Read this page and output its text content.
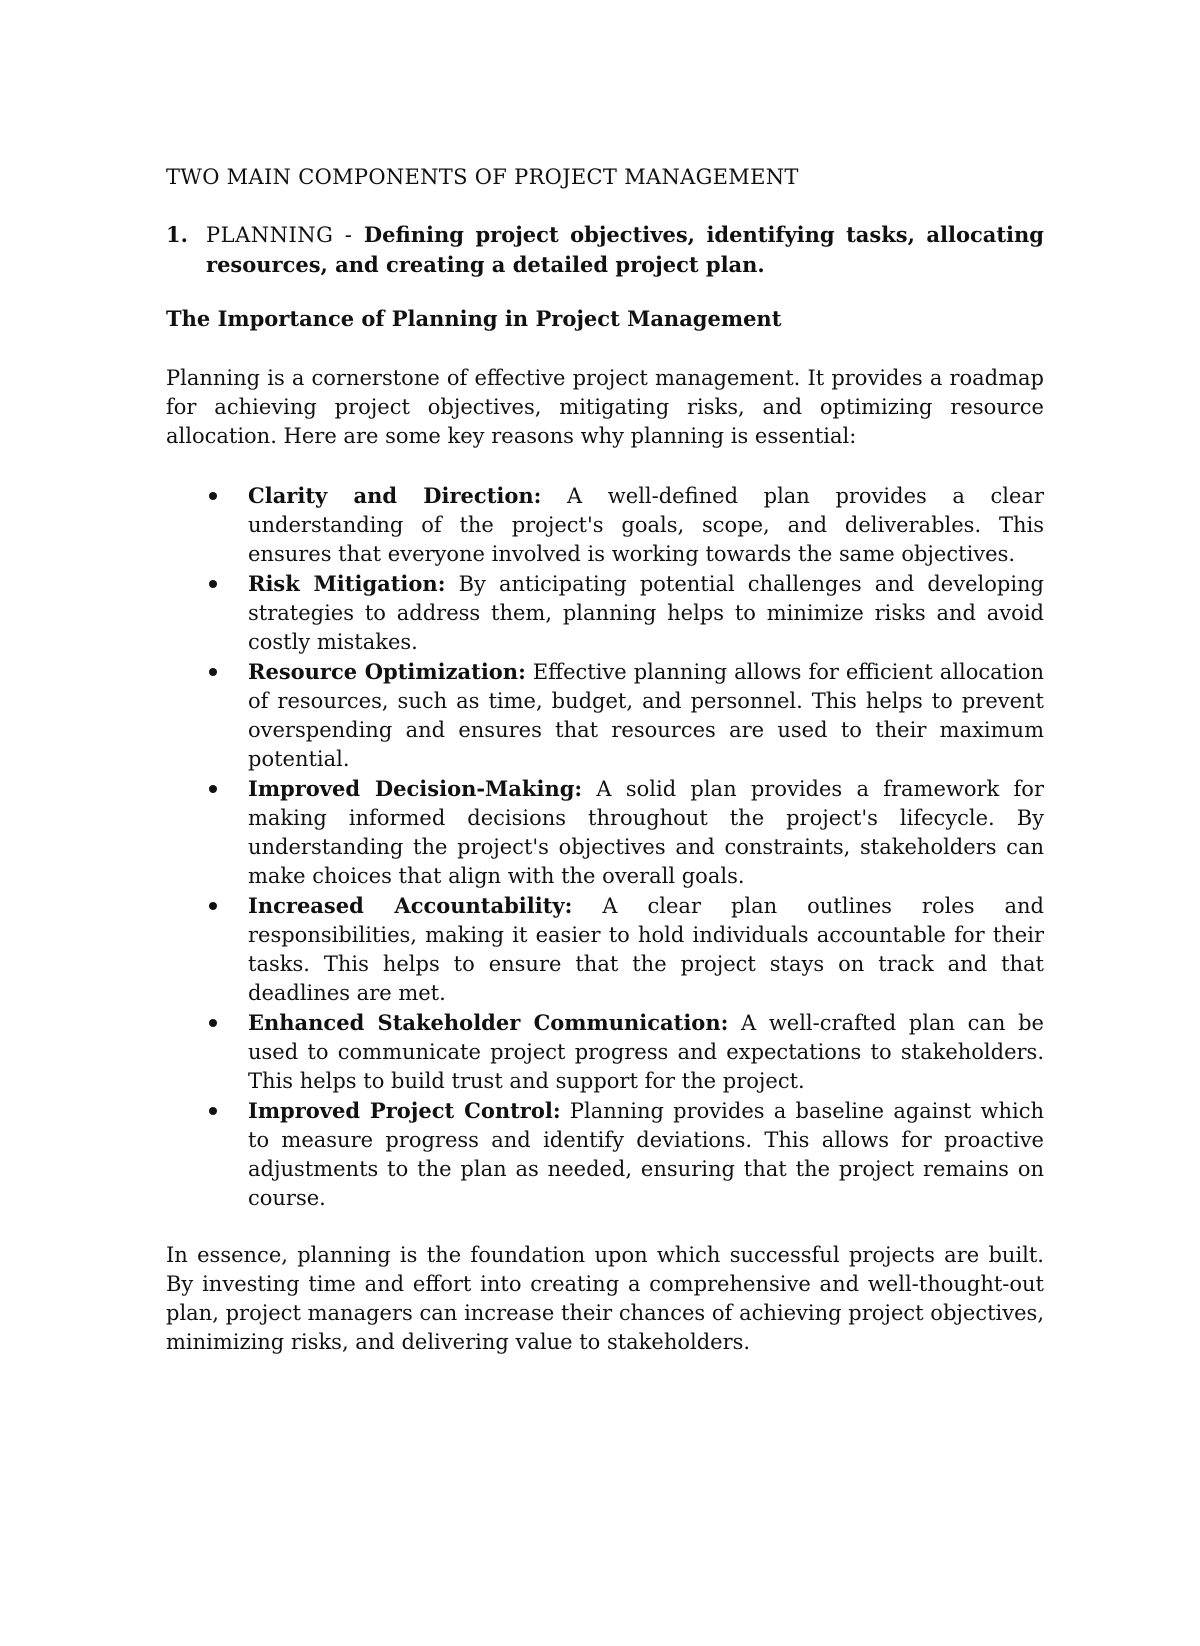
TWO MAIN COMPONENTS OF PROJECT MANAGEMENT
1. PLANNING - Defining project objectives, identifying tasks, allocating resources, and creating a detailed project plan.
The Importance of Planning in Project Management

Planning is a cornerstone of effective project management. It provides a roadmap for achieving project objectives, mitigating risks, and optimizing resource allocation. Here are some key reasons why planning is essential:

Clarity and Direction: A well-defined plan provides a clear understanding of the project's goals, scope, and deliverables. This ensures that everyone involved is working towards the same objectives.
Risk Mitigation: By anticipating potential challenges and developing strategies to address them, planning helps to minimize risks and avoid costly mistakes.
Resource Optimization: Effective planning allows for efficient allocation of resources, such as time, budget, and personnel. This helps to prevent overspending and ensures that resources are used to their maximum potential.
Improved Decision-Making: A solid plan provides a framework for making informed decisions throughout the project's lifecycle. By understanding the project's objectives and constraints, stakeholders can make choices that align with the overall goals.
Increased Accountability: A clear plan outlines roles and responsibilities, making it easier to hold individuals accountable for their tasks. This helps to ensure that the project stays on track and that deadlines are met.
Enhanced Stakeholder Communication: A well-crafted plan can be used to communicate project progress and expectations to stakeholders. This helps to build trust and support for the project.
Improved Project Control: Planning provides a baseline against which to measure progress and identify deviations. This allows for proactive adjustments to the plan as needed, ensuring that the project remains on course.

In essence, planning is the foundation upon which successful projects are built. By investing time and effort into creating a comprehensive and well-thought-out plan, project managers can increase their chances of achieving project objectives, minimizing risks, and delivering value to stakeholders.
